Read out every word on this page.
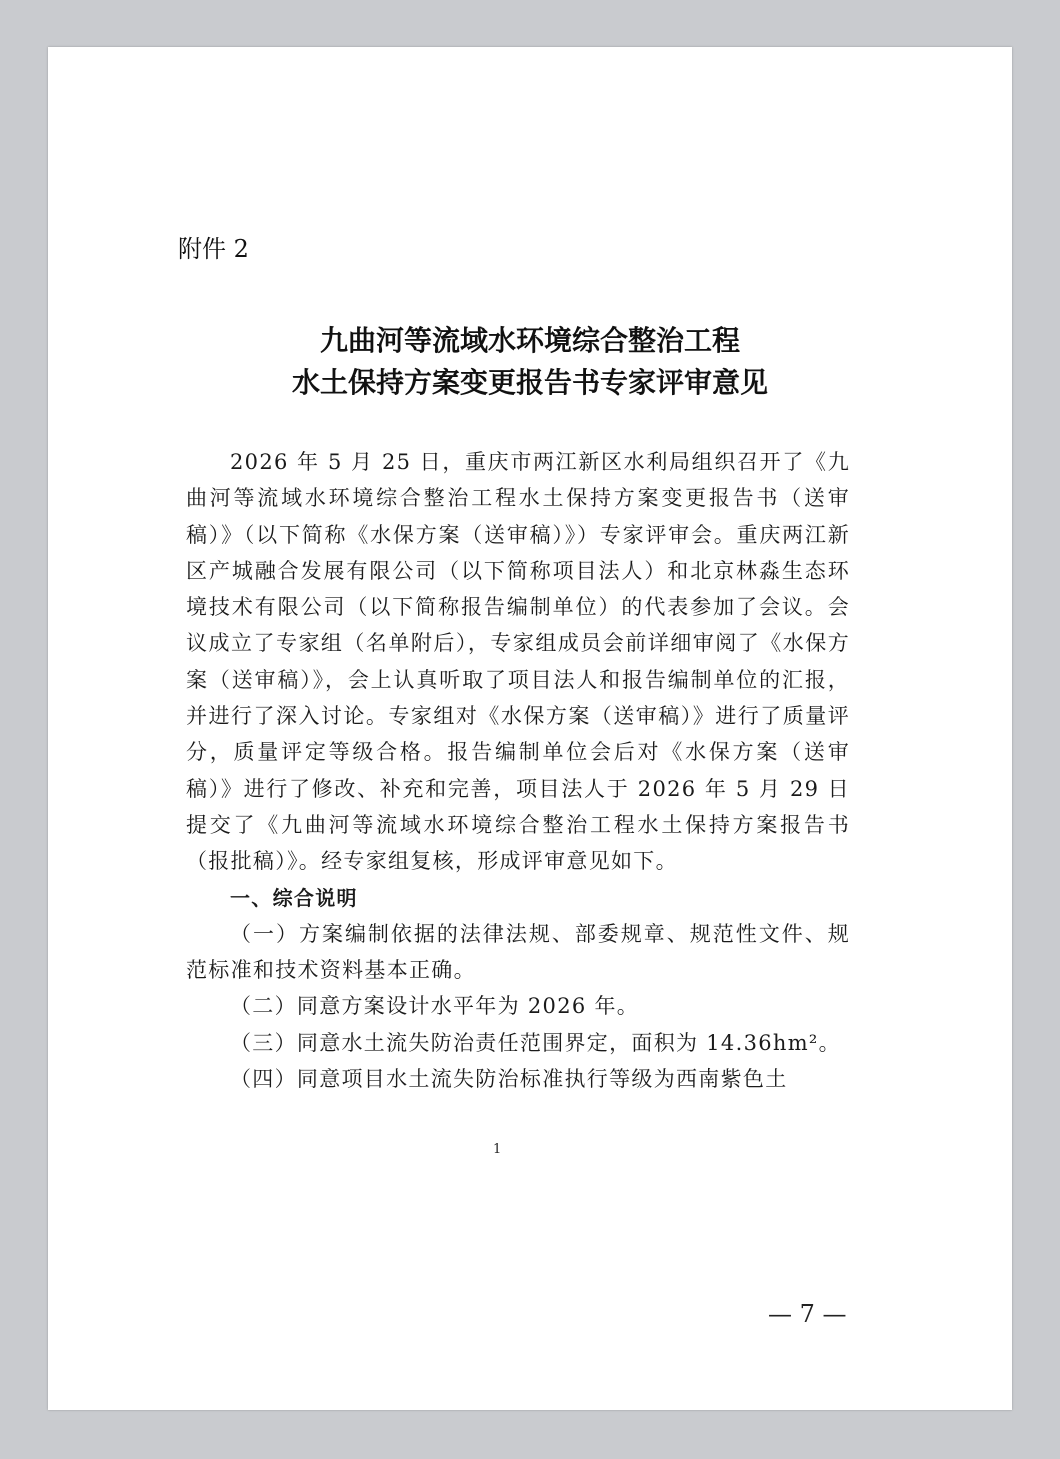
附件 2
九曲河等流域水环境综合整治工程
水土保持方案变更报告书专家评审意见

2026 年 5 月 25 日，重庆市两江新区水利局组织召开了《九曲河等流域水环境综合整治工程水土保持方案变更报告书（送审稿）》（以下简称《水保方案（送审稿）》）专家评审会。重庆两江新区产城融合发展有限公司（以下简称项目法人）和北京林淼生态环境技术有限公司（以下简称报告编制单位）的代表参加了会议。会议成立了专家组（名单附后），专家组成员会前详细审阅了《水保方案（送审稿）》，会上认真听取了项目法人和报告编制单位的汇报，并进行了深入讨论。专家组对《水保方案（送审稿）》进行了质量评分，质量评定等级合格。报告编制单位会后对《水保方案（送审稿）》进行了修改、补充和完善，项目法人于 2026 年 5 月 29 日提交了《九曲河等流域水环境综合整治工程水土保持方案报告书（报批稿）》。经专家组复核，形成评审意见如下。

一、综合说明

（一）方案编制依据的法律法规、部委规章、规范性文件、规范标准和技术资料基本正确。

（二）同意方案设计水平年为 2026 年。

（三）同意水土流失防治责任范围界定，面积为 14.36hm²。

（四）同意项目水土流失防治标准执行等级为西南紫色土

1
— 7 —
